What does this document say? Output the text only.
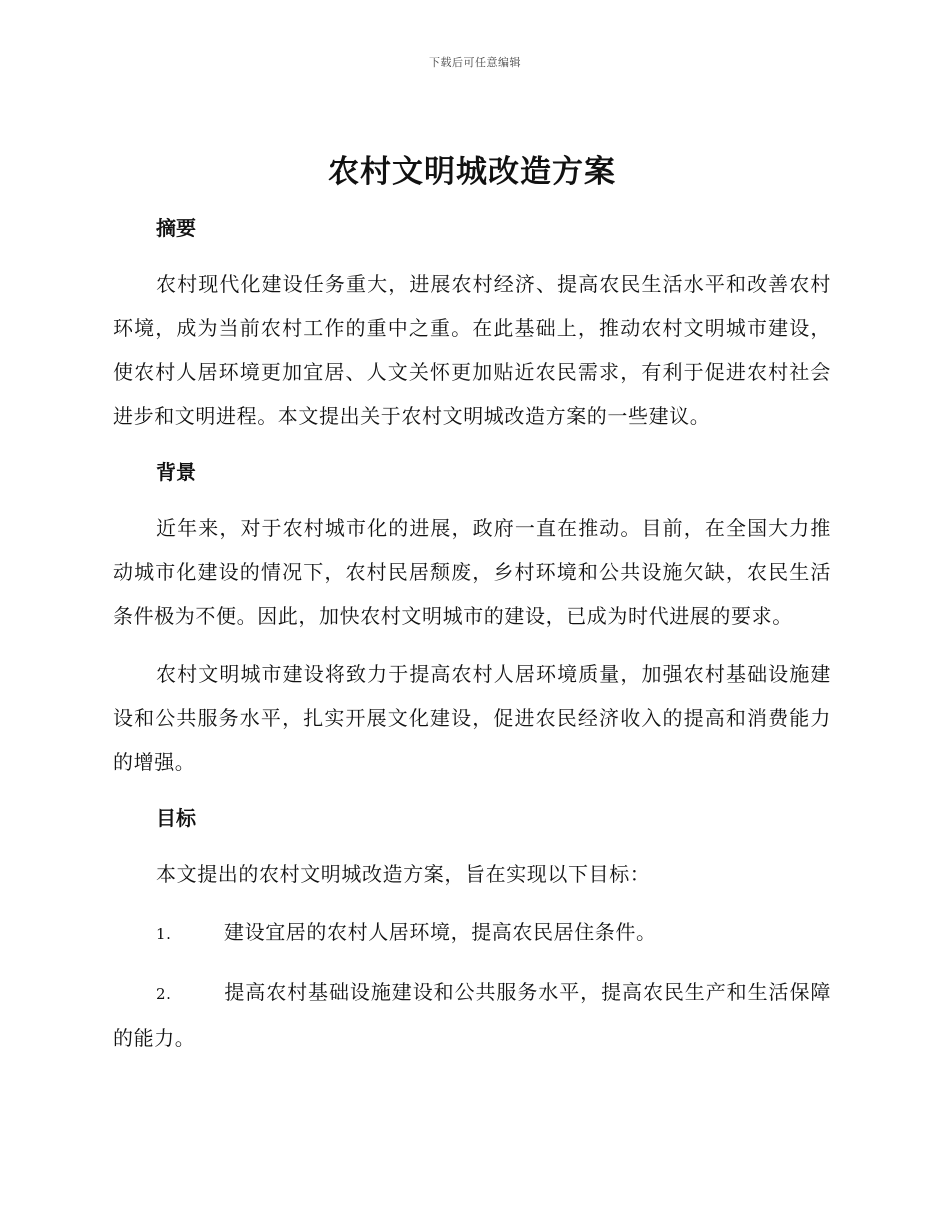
下载后可任意编辑
农村文明城改造方案
摘要

农村现代化建设任务重大，进展农村经济、提高农民生活水平和改善农村环境，成为当前农村工作的重中之重。在此基础上，推动农村文明城市建设，使农村人居环境更加宜居、人文关怀更加贴近农民需求，有利于促进农村社会进步和文明进程。本文提出关于农村文明城改造方案的一些建议。

背景

近年来，对于农村城市化的进展，政府一直在推动。目前，在全国大力推动城市化建设的情况下，农村民居颓废，乡村环境和公共设施欠缺，农民生活条件极为不便。因此，加快农村文明城市的建设，已成为时代进展的要求。

农村文明城市建设将致力于提高农村人居环境质量，加强农村基础设施建设和公共服务水平，扎实开展文化建设，促进农民经济收入的提高和消费能力的增强。

目标

本文提出的农村文明城改造方案，旨在实现以下目标：

1.	建设宜居的农村人居环境，提高农民居住条件。

2.	提高农村基础设施建设和公共服务水平，提高农民生产和生活保障的能力。
